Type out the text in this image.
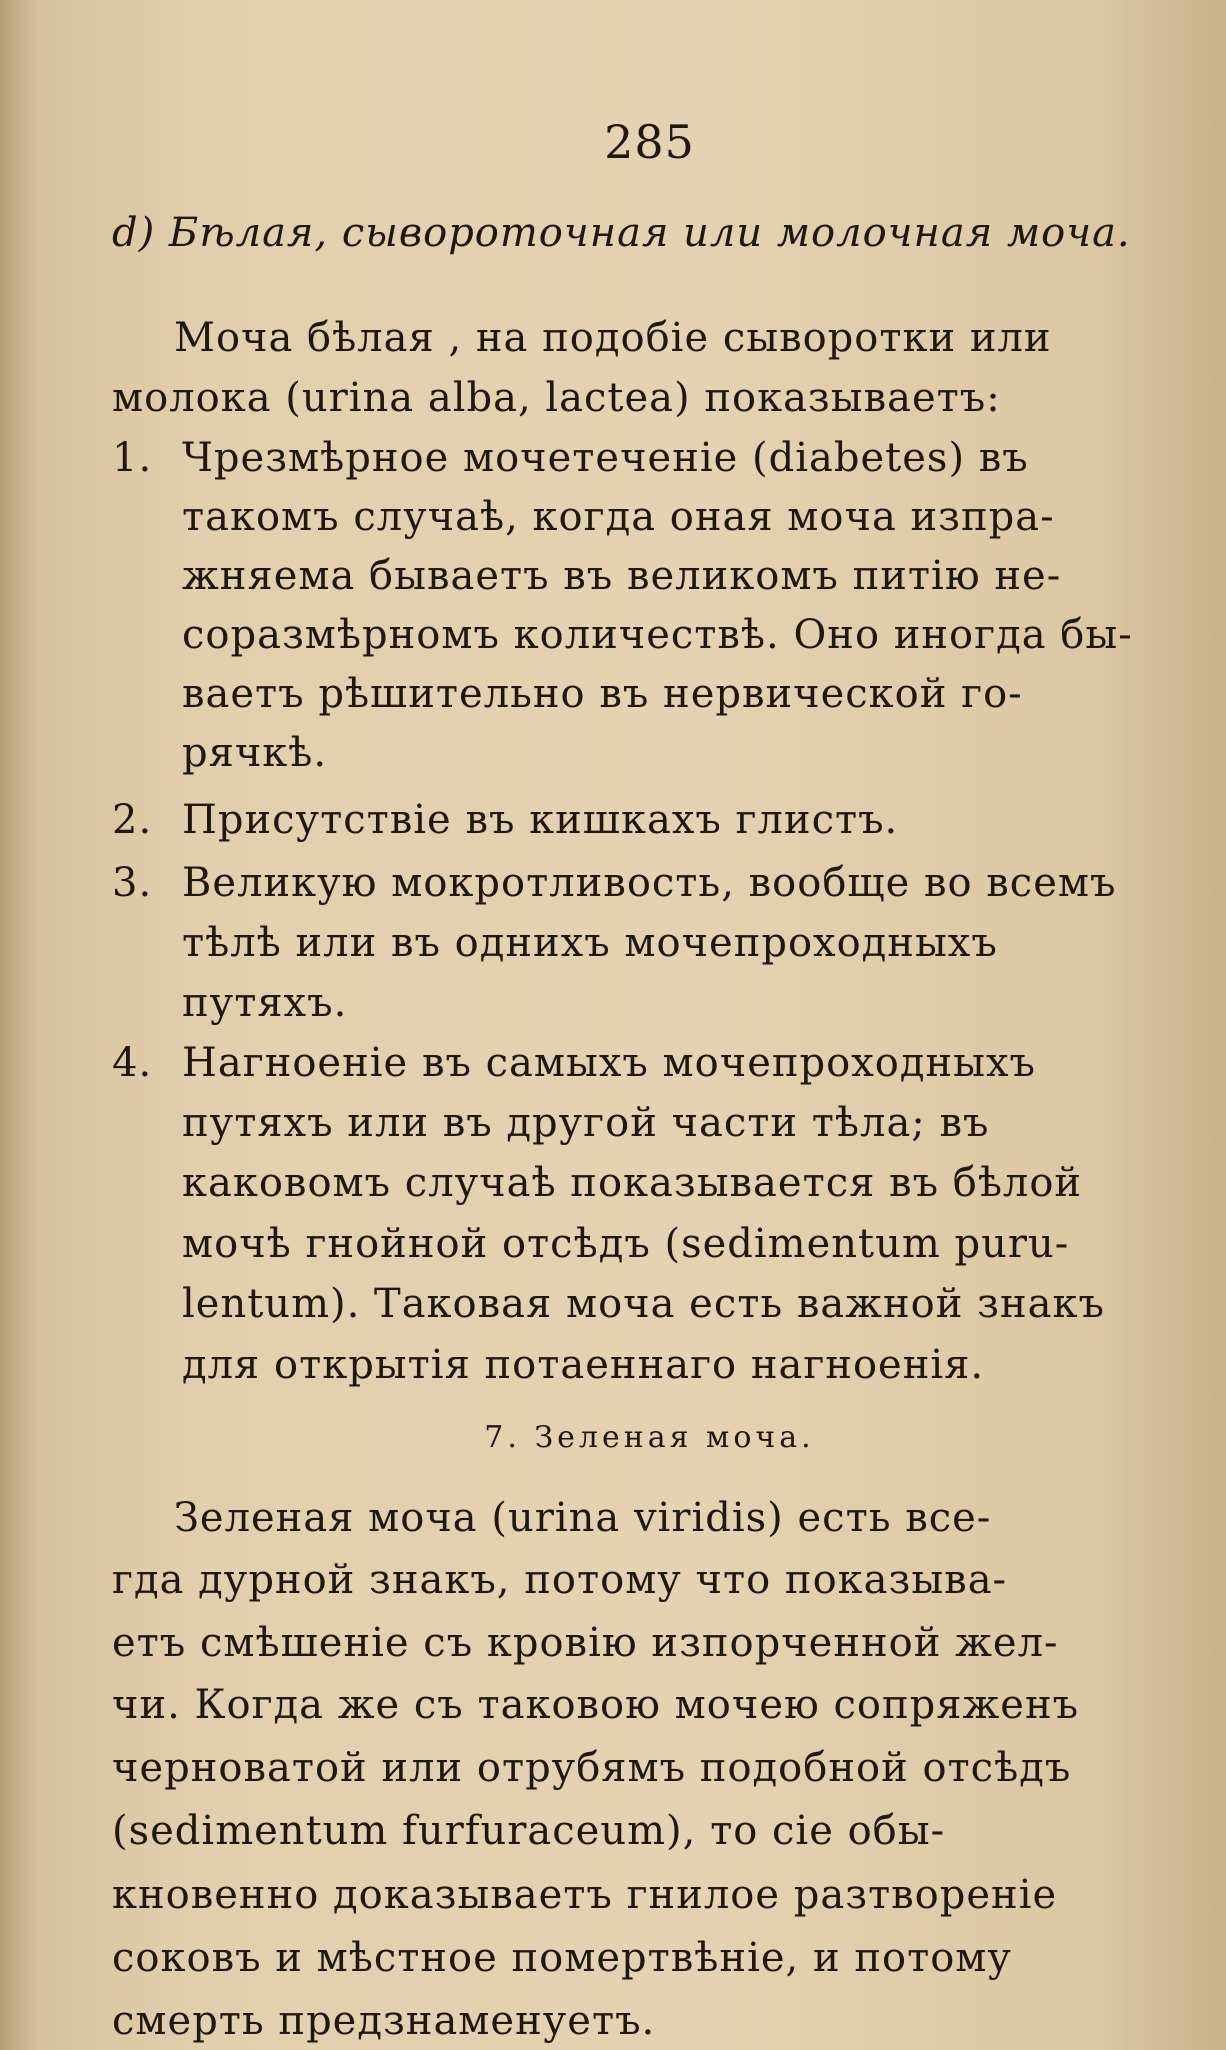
285
d) Бѣлая, сывороточная или молочная моча.
Моча бѣлая , на подобіе сыворотки или
молока (urina alba, lactea) показываетъ:
1. Чрезмѣрное мочетеченіе (diabetes) въ
такомъ случаѣ, когда оная моча изпра-
жняема бываетъ въ великомъ питію не-
соразмѣрномъ количествѣ. Оно иногда бы-
ваетъ рѣшительно въ нервической го-
рячкѣ.
2. Присутствіе въ кишкахъ глистъ.
3. Великую мокротливость, вообще во всемъ
тѣлѣ или въ однихъ мочепроходныхъ
путяхъ.
4. Нагноеніе въ самыхъ мочепроходныхъ
путяхъ или въ другой части тѣла; въ
каковомъ случаѣ показывается въ бѣлой
мочѣ гнойной отсѣдъ (sedimentum puru-
lentum). Таковая моча есть важной знакъ
для открытія потаеннаго нагноенія.
7. Зеленая моча.
Зеленая моча (urina viridis) есть все-
гда дурной знакъ, потому что показыва-
етъ смѣшеніе съ кровію изпорченной жел-
чи. Когда же съ таковою мочею сопряженъ
черноватой или отрубямъ подобной отсѣдъ
(sedimentum furfuraceum), то сіе обы-
кновенно доказываетъ гнилое разтвореніе
соковъ и мѣстное помертвѣніе, и потому
смерть предзнаменуетъ.
